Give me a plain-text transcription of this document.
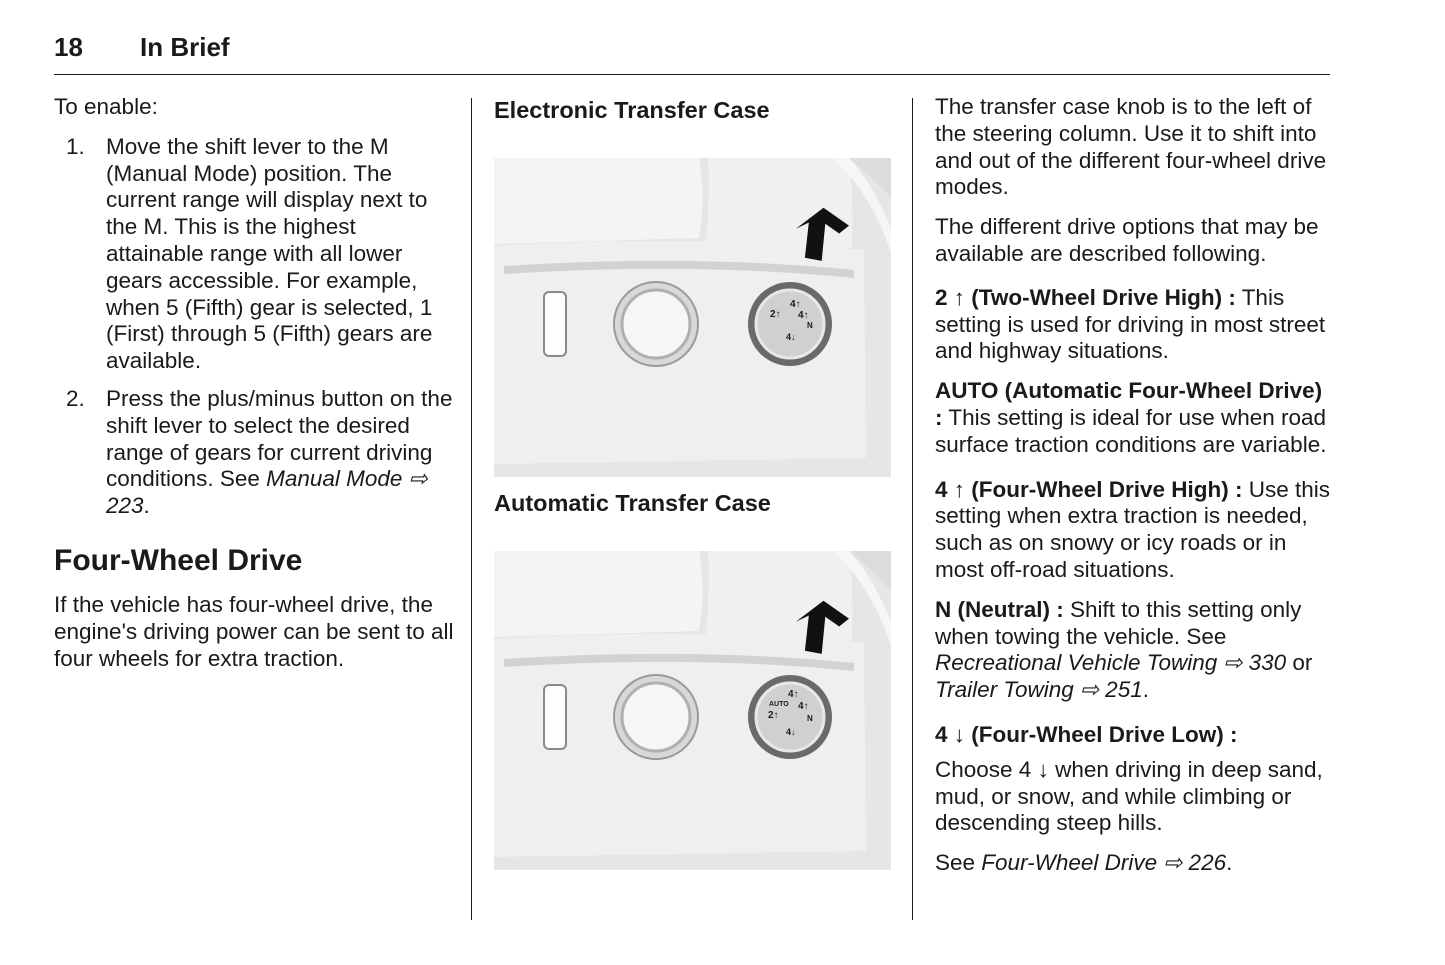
18 In Brief

To enable:

1. Move the shift lever to the M (Manual Mode) position. The current range will display next to the M. This is the highest attainable range with all lower gears accessible. For example, when 5 (Fifth) gear is selected, 1 (First) through 5 (Fifth) gears are available.
2. Press the plus/minus button on the shift lever to select the desired range of gears for current driving conditions. See Manual Mode ⇨ 223.
Four-Wheel Drive

If the vehicle has four-wheel drive, the engine's driving power can be sent to all four wheels for extra traction.

Electronic Transfer Case
2↑
4↑
4↑
N
4↓
Automatic Transfer Case
AUTO
2↑
4↑
4↑
N
4↓

The transfer case knob is to the left of the steering column. Use it to shift into and out of the different four-wheel drive modes.

The different drive options that may be available are described following.

2 ↑ (Two-Wheel Drive High) : This setting is used for driving in most street and highway situations.

AUTO (Automatic Four-Wheel Drive) : This setting is ideal for use when road surface traction conditions are variable.

4 ↑ (Four-Wheel Drive High) : Use this setting when extra traction is needed, such as on snowy or icy roads or in most off-road situations.

N (Neutral) : Shift to this setting only when towing the vehicle. See Recreational Vehicle Towing ⇨ 330 or Trailer Towing ⇨ 251.

4 ↓ (Four-Wheel Drive Low) :

Choose 4 ↓ when driving in deep sand, mud, or snow, and while climbing or descending steep hills.

See Four-Wheel Drive ⇨ 226.
